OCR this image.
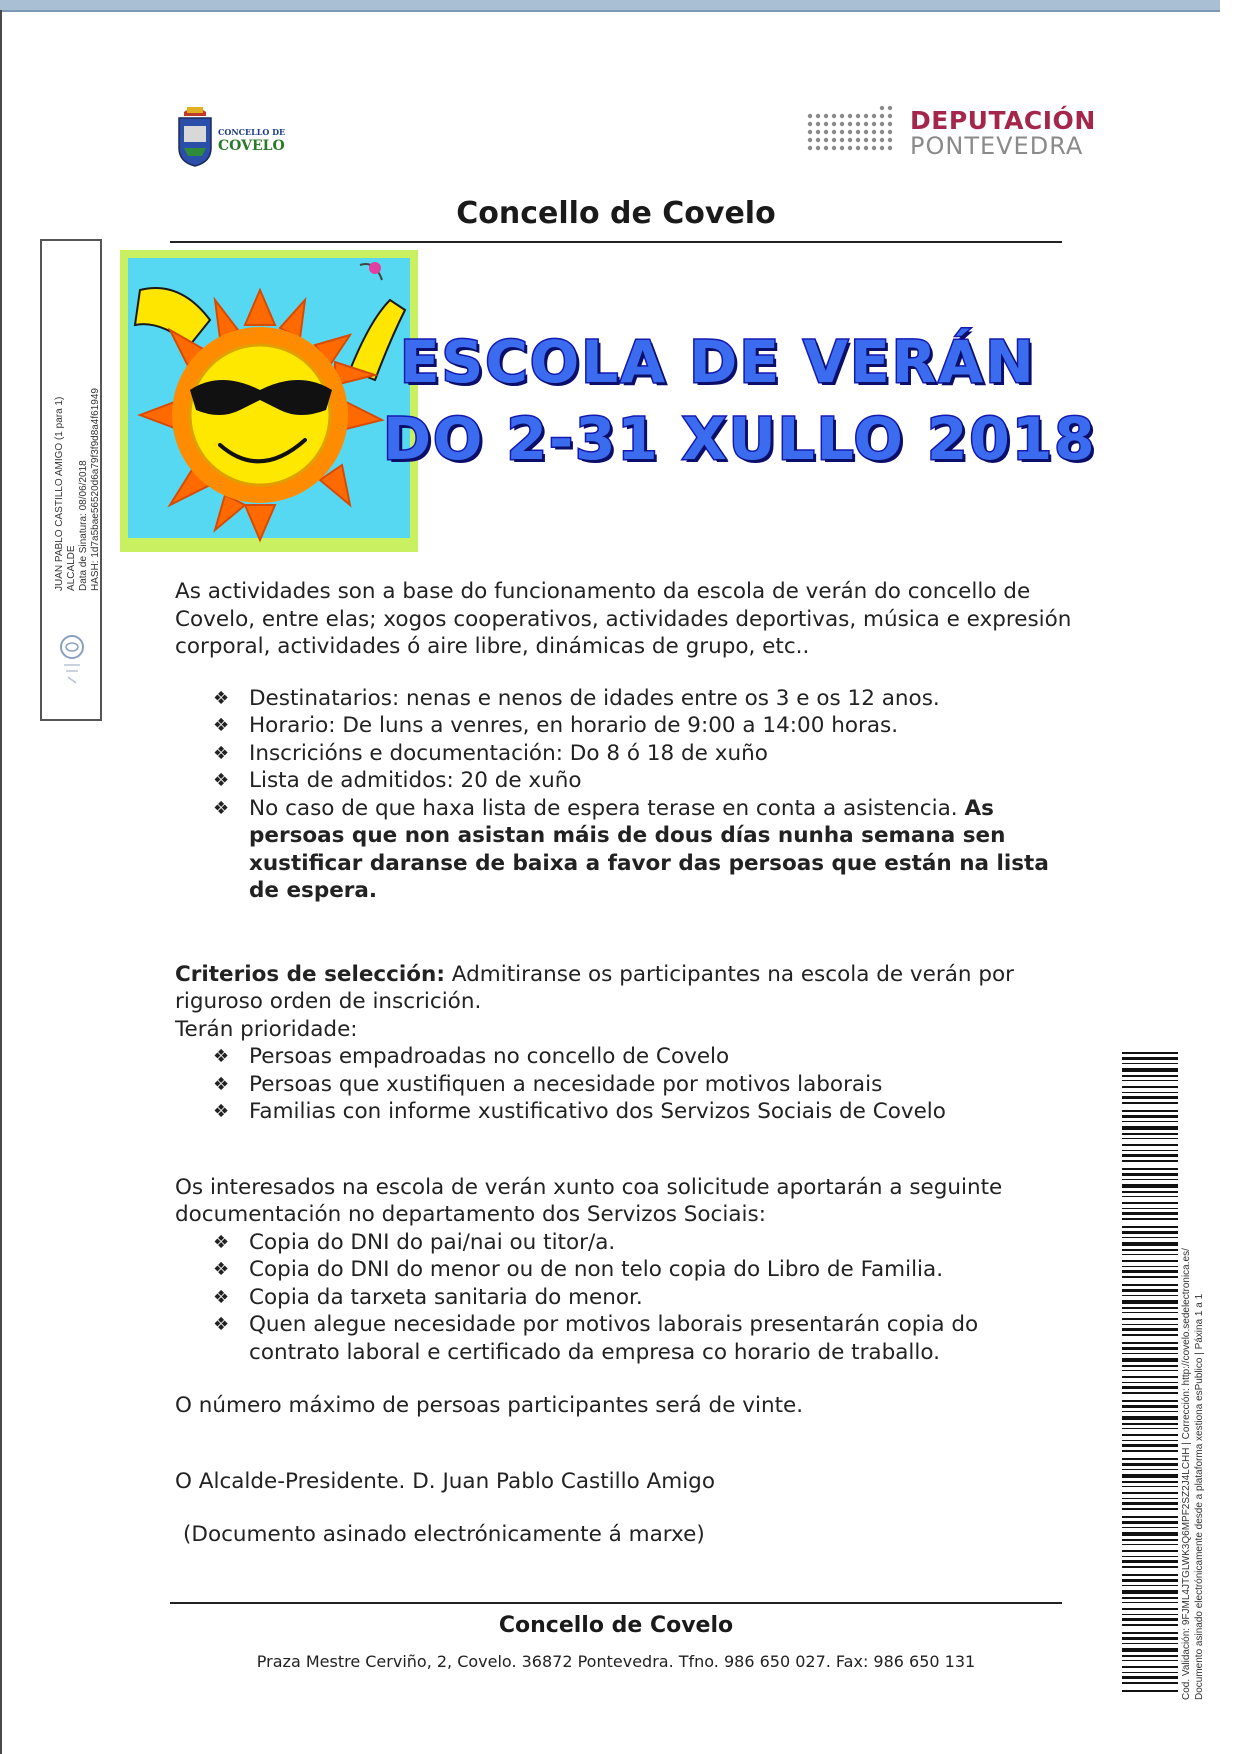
CONCELLO DE
COVELO
DEPUTACIÓN
PONTEVEDRA
Concello de Covelo
JUAN PABLO CASTILLO AMIGO (1 para 1) ALCALDE Data de Sinatura: 08/06/2018 HASH: 1d7a5bae56520d6a79f3f9d8a4f61949
ESCOLA DE VERÁN
DO 2-31 XULLO 2018

As actividades son a base do funcionamento da escola de verán do concello de Covelo, entre elas; xogos cooperativos, actividades deportivas, música e expresión corporal, actividades ó aire libre, dinámicas de grupo, etc..

❖ Destinatarios: nenas e nenos de idades entre os 3 e os 12 anos.
❖ Horario: De luns a venres, en horario de 9:00 a 14:00 horas.
❖ Inscricións e documentación: Do 8 ó 18 de xuño
❖ Lista de admitidos: 20 de xuño
❖ No caso de que haxa lista de espera terase en conta a asistencia. As persoas que non asistan máis de dous días nunha semana sen xustificar daranse de baixa a favor das persoas que están na lista de espera.

Criterios de selección: Admitiranse os participantes na escola de verán por riguroso orden de inscrición.

Terán prioridade:

❖ Persoas empadroadas no concello de Covelo
❖ Persoas que xustifiquen a necesidade por motivos laborais
❖ Familias con informe xustificativo dos Servizos Sociais de Covelo

Os interesados na escola de verán xunto coa solicitude aportarán a seguinte documentación no departamento dos Servizos Sociais:

❖ Copia do DNI do pai/nai ou titor/a.
❖ Copia do DNI do menor ou de non telo copia do Libro de Familia.
❖ Copia da tarxeta sanitaria do menor.
❖ Quen alegue necesidade por motivos laborais presentarán copia do contrato laboral e certificado da empresa co horario de traballo.

O número máximo de persoas participantes será de vinte.

O Alcalde-Presidente. D. Juan Pablo Castillo Amigo

(Documento asinado electrónicamente á marxe)

Concello de Covelo
Praza Mestre Cerviño, 2, Covelo. 36872 Pontevedra. Tfno. 986 650 027. Fax: 986 650 131	Cod. Validación: 9FJML4JTGLWK3Q6MPF2SZ2J4LCHH | Corrección: http://covelo.sedelectronica.es/ Documento asinado electrónicamente desde a plataforma xestiona esPublico | Páxina 1 a 1
